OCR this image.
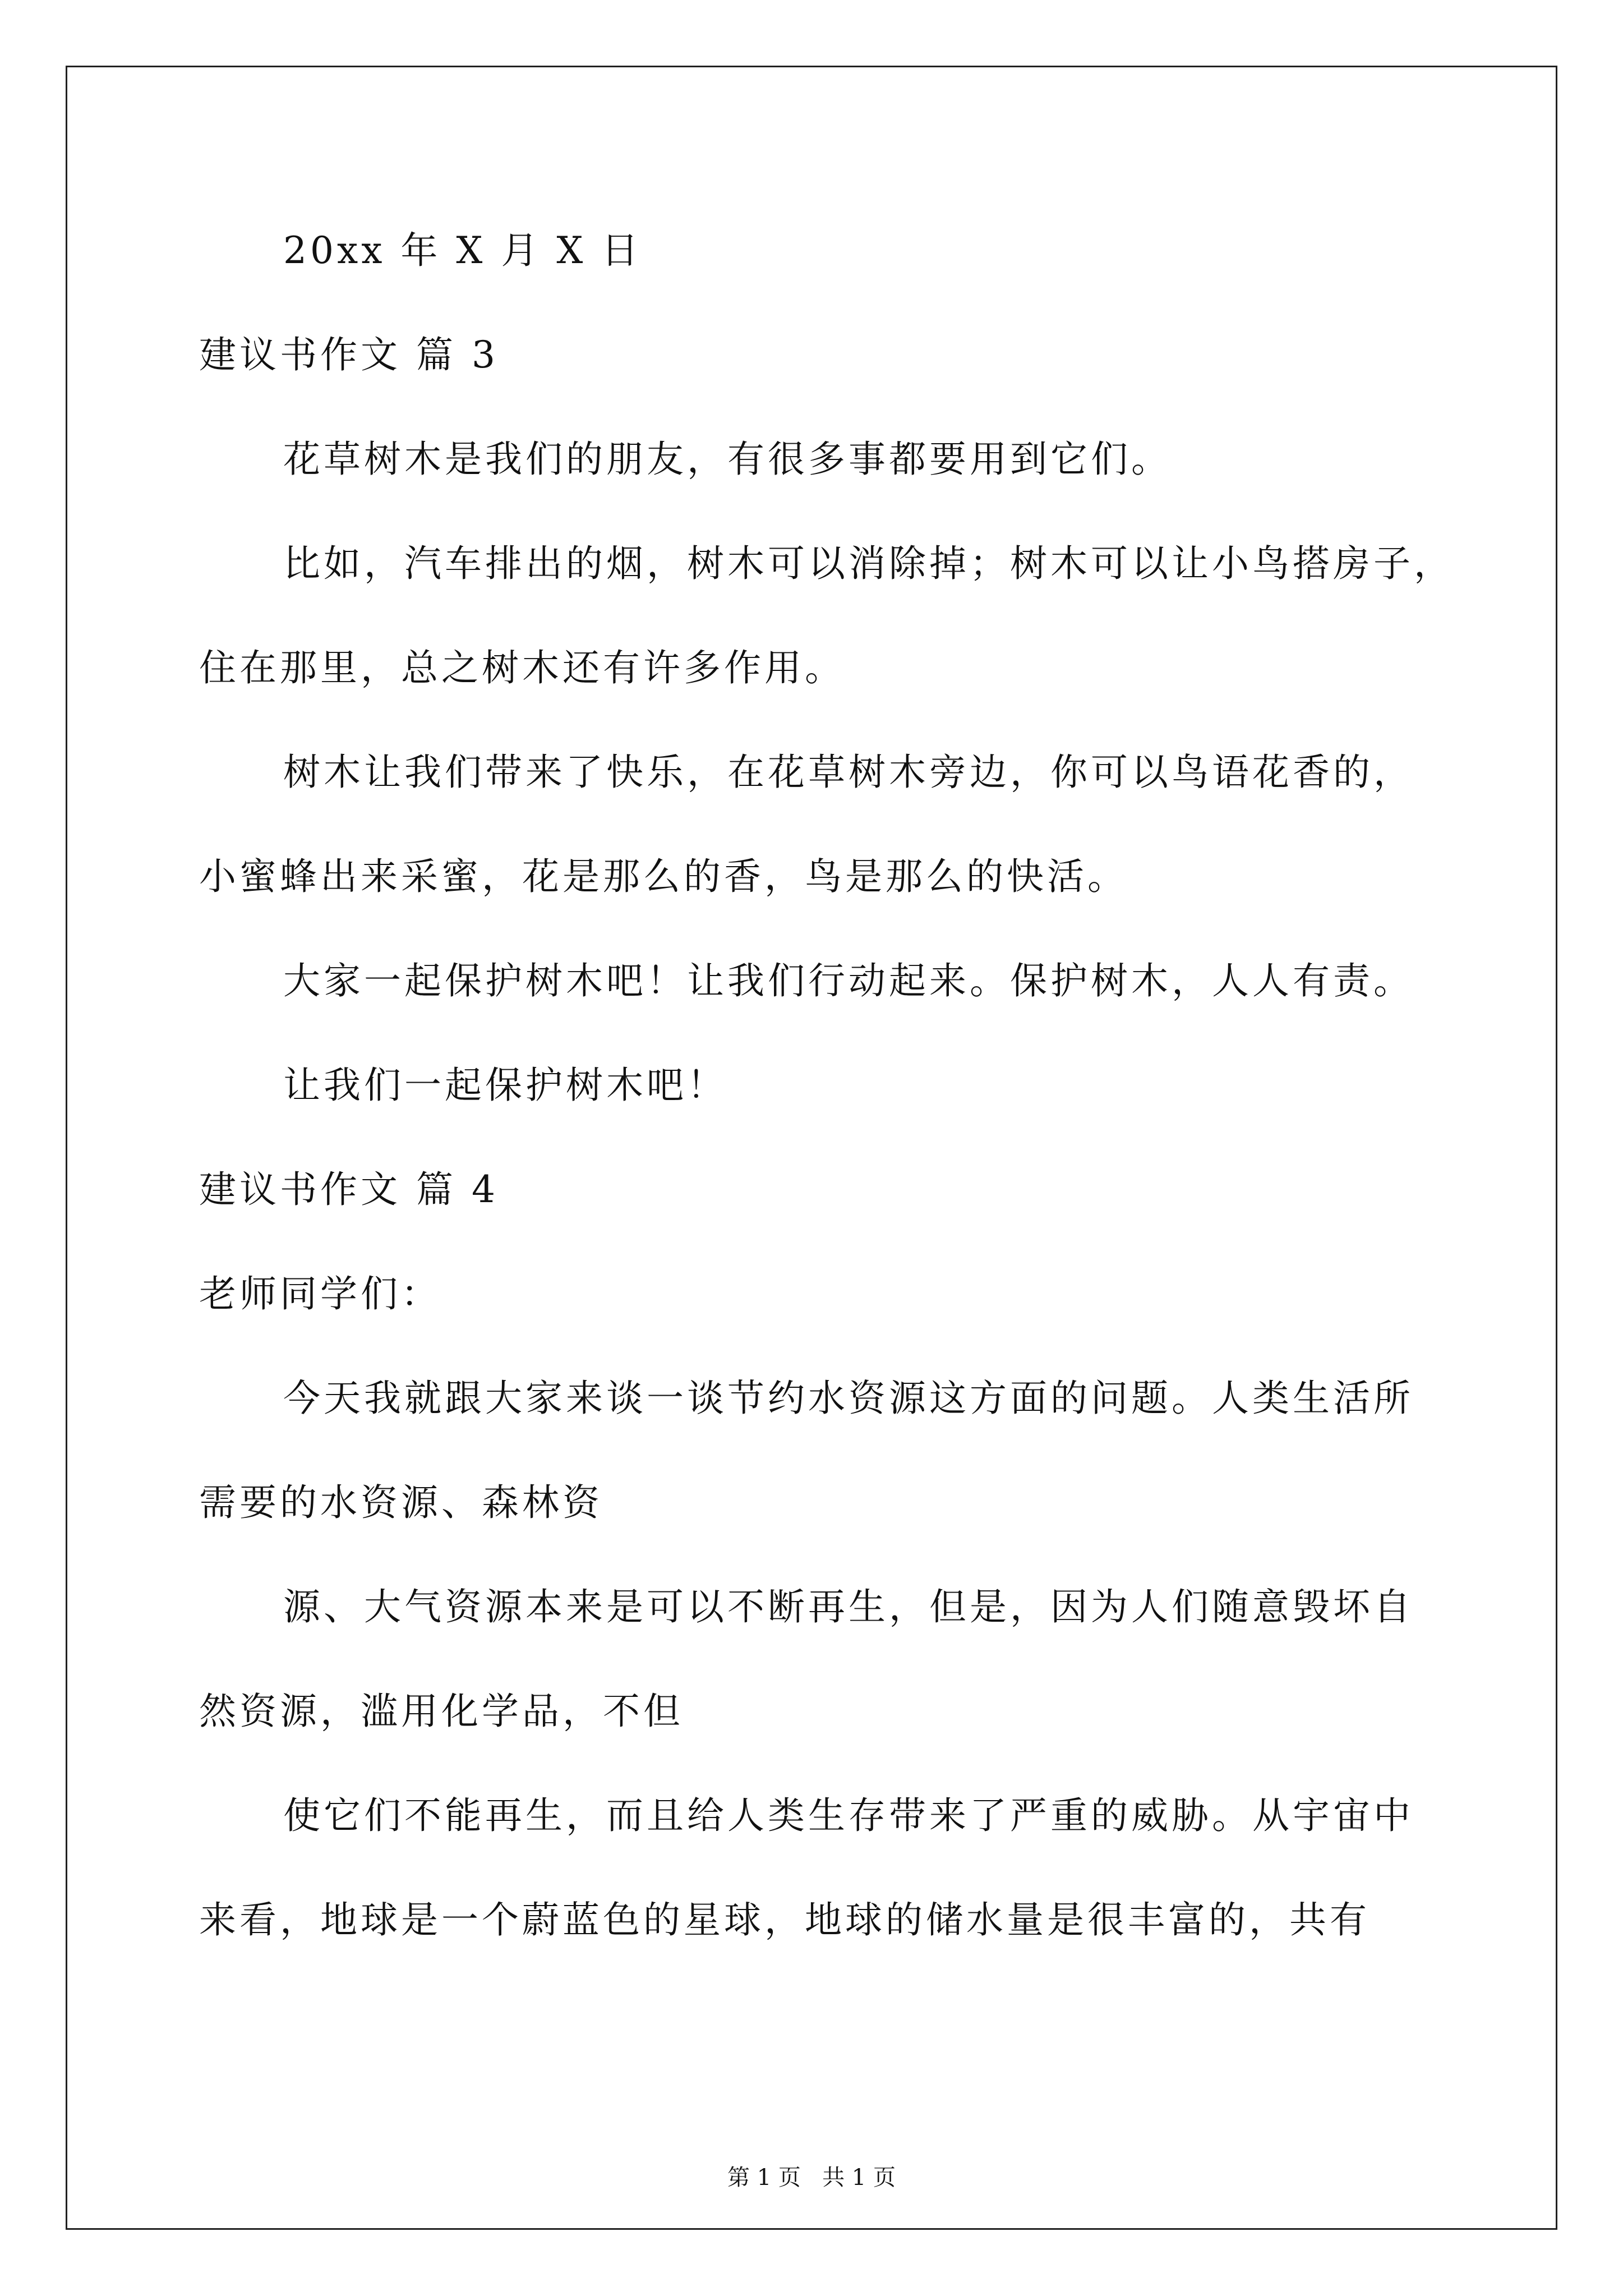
20xx 年 X 月 X 日
建议书作文 篇 3
花草树木是我们的朋友，有很多事都要用到它们。
比如，汽车排出的烟，树木可以消除掉；树木可以让小鸟搭房子，
住在那里，总之树木还有许多作用。
树木让我们带来了快乐，在花草树木旁边，你可以鸟语花香的，
小蜜蜂出来采蜜，花是那么的香，鸟是那么的快活。
大家一起保护树木吧！让我们行动起来。保护树木，人人有责。
让我们一起保护树木吧！
建议书作文 篇 4
老师同学们：
今天我就跟大家来谈一谈节约水资源这方面的问题。人类生活所
需要的水资源、森林资
源、大气资源本来是可以不断再生，但是，因为人们随意毁坏自
然资源，滥用化学品，不但
使它们不能再生，而且给人类生存带来了严重的威胁。从宇宙中
来看，地球是一个蔚蓝色的星球，地球的储水量是很丰富的，共有
第 1 页   共 1 页
